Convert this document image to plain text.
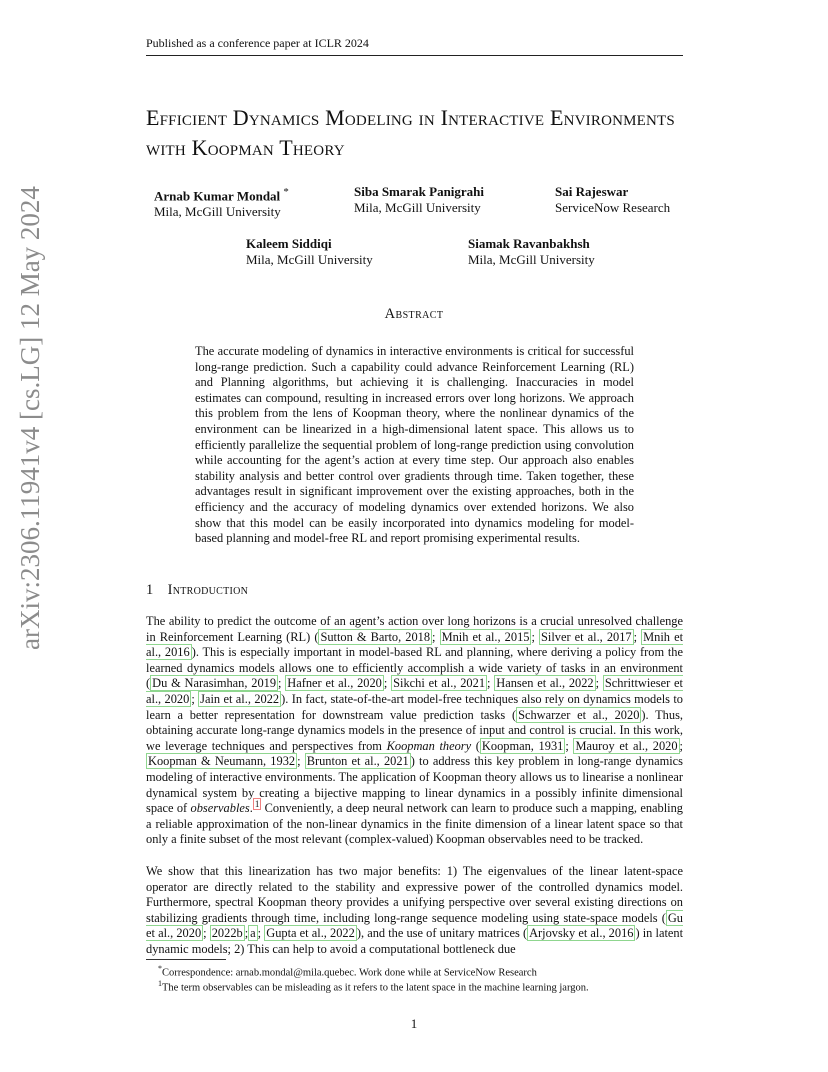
Published as a conference paper at ICLR 2024
arXiv:2306.11941v4 [cs.LG] 12 May 2024
Efficient Dynamics Modeling in Interactive Environments with Koopman Theory
Arnab Kumar Mondal *
Mila, McGill University
Siba Smarak Panigrahi
Mila, McGill University
Sai Rajeswar
ServiceNow Research
Kaleem Siddiqi
Mila, McGill University
Siamak Ravanbakhsh
Mila, McGill University
Abstract

The accurate modeling of dynamics in interactive environments is critical for successful long-range prediction. Such a capability could advance Reinforcement Learning (RL) and Planning algorithms, but achieving it is challenging. Inaccuracies in model estimates can compound, resulting in increased errors over long horizons. We approach this problem from the lens of Koopman theory, where the nonlinear dynamics of the environment can be linearized in a high-dimensional latent space. This allows us to efficiently parallelize the sequential problem of long-range prediction using convolution while accounting for the agent’s action at every time step. Our approach also enables stability analysis and better control over gradients through time. Taken together, these advantages result in significant improvement over the existing approaches, both in the efficiency and the accuracy of modeling dynamics over extended horizons. We also show that this model can be easily incorporated into dynamics modeling for model-based planning and model-free RL and report promising experimental results.

1 Introduction

The ability to predict the outcome of an agent’s action over long horizons is a crucial unresolved challenge in Reinforcement Learning (RL) ( Sutton & Barto, 2018 ; Mnih et al., 2015 ; Silver et al., 2017 ; Mnih et al., 2016 ). This is especially important in model-based RL and planning, where deriving a policy from the learned dynamics models allows one to efficiently accomplish a wide variety of tasks in an environment ( Du & Narasimhan, 2019 ; Hafner et al., 2020 ; Sikchi et al., 2021 ; Hansen et al., 2022 ; Schrittwieser et al., 2020 ; Jain et al., 2022 ). In fact, state-of-the-art model-free techniques also rely on dynamics models to learn a better representation for downstream value prediction tasks ( Schwarzer et al., 2020 ). Thus, obtaining accurate long-range dynamics models in the presence of input and control is crucial. In this work, we leverage techniques and perspectives from Koopman theory ( Koopman, 1931 ; Mauroy et al., 2020 ; Koopman & Neumann, 1932 ; Brunton et al., 2021 ) to address this key problem in long-range dynamics modeling of interactive environments. The application of Koopman theory allows us to linearise a nonlinear dynamical system by creating a bijective mapping to linear dynamics in a possibly infinite dimensional space of observables. $^1$ Conveniently, a deep neural network can learn to produce such a mapping, enabling a reliable approximation of the non-linear dynamics in the finite dimension of a linear latent space so that only a finite subset of the most relevant (complex-valued) Koopman observables need to be tracked.

We show that this linearization has two major benefits: 1) The eigenvalues of the linear latent-space operator are directly related to the stability and expressive power of the controlled dynamics model. Furthermore, spectral Koopman theory provides a unifying perspective over several existing directions on stabilizing gradients through time, including long-range sequence modeling using state-space models ( Gu et al., 2020 ; 2022b ; a ; Gupta et al., 2022 ), and the use of unitary matrices ( Arjovsky et al., 2016 ) in latent dynamic models; 2) This can help to avoid a computational bottleneck due

*Correspondence: arnab.mondal@mila.quebec. Work done while at ServiceNow Research
$^1$The term observables can be misleading as it refers to the latent space in the machine learning jargon.
1
